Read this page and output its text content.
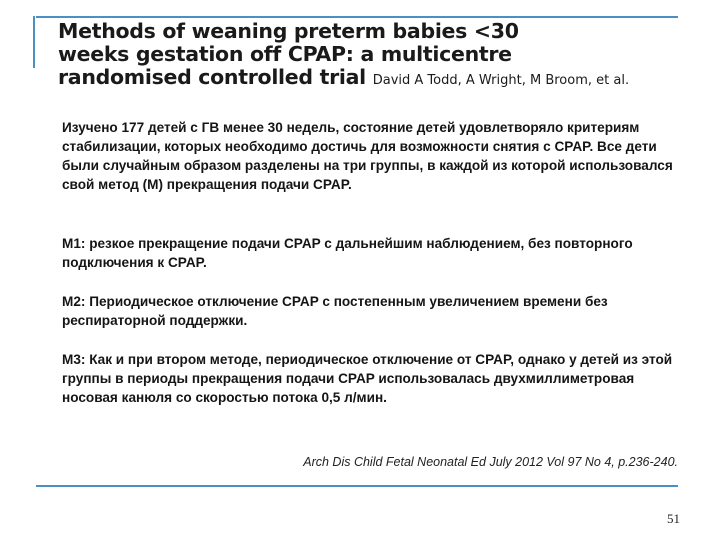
Methods of weaning preterm babies <30
weeks gestation off CPAP: a multicentre
randomised controlled trial David A Todd, A Wright, M Broom, et al.

Изучено 177 детей с ГВ менее 30 недель, состояние детей удовлетворяло критериям стабилизации, которых необходимо достичь для возможности снятия с CPAP. Все дети были случайным образом разделены на три группы, в каждой из которой использовался свой метод (М) прекращения подачи CPAP.

М1: резкое прекращение подачи CPAP с дальнейшим наблюдением, без повторного подключения к CPAP.

М2: Периодическое отключение CPAP с постепенным увеличением времени без респираторной поддержки.

М3: Как и при втором методе, периодическое отключение от CPAP, однако у детей из этой группы в периоды прекращения подачи CPAP использовалась двухмиллиметровая носовая канюля со скоростью потока 0,5 л/мин.

Arch Dis Child Fetal Neonatal Ed July 2012 Vol 97 No 4, p.236-240.
51
